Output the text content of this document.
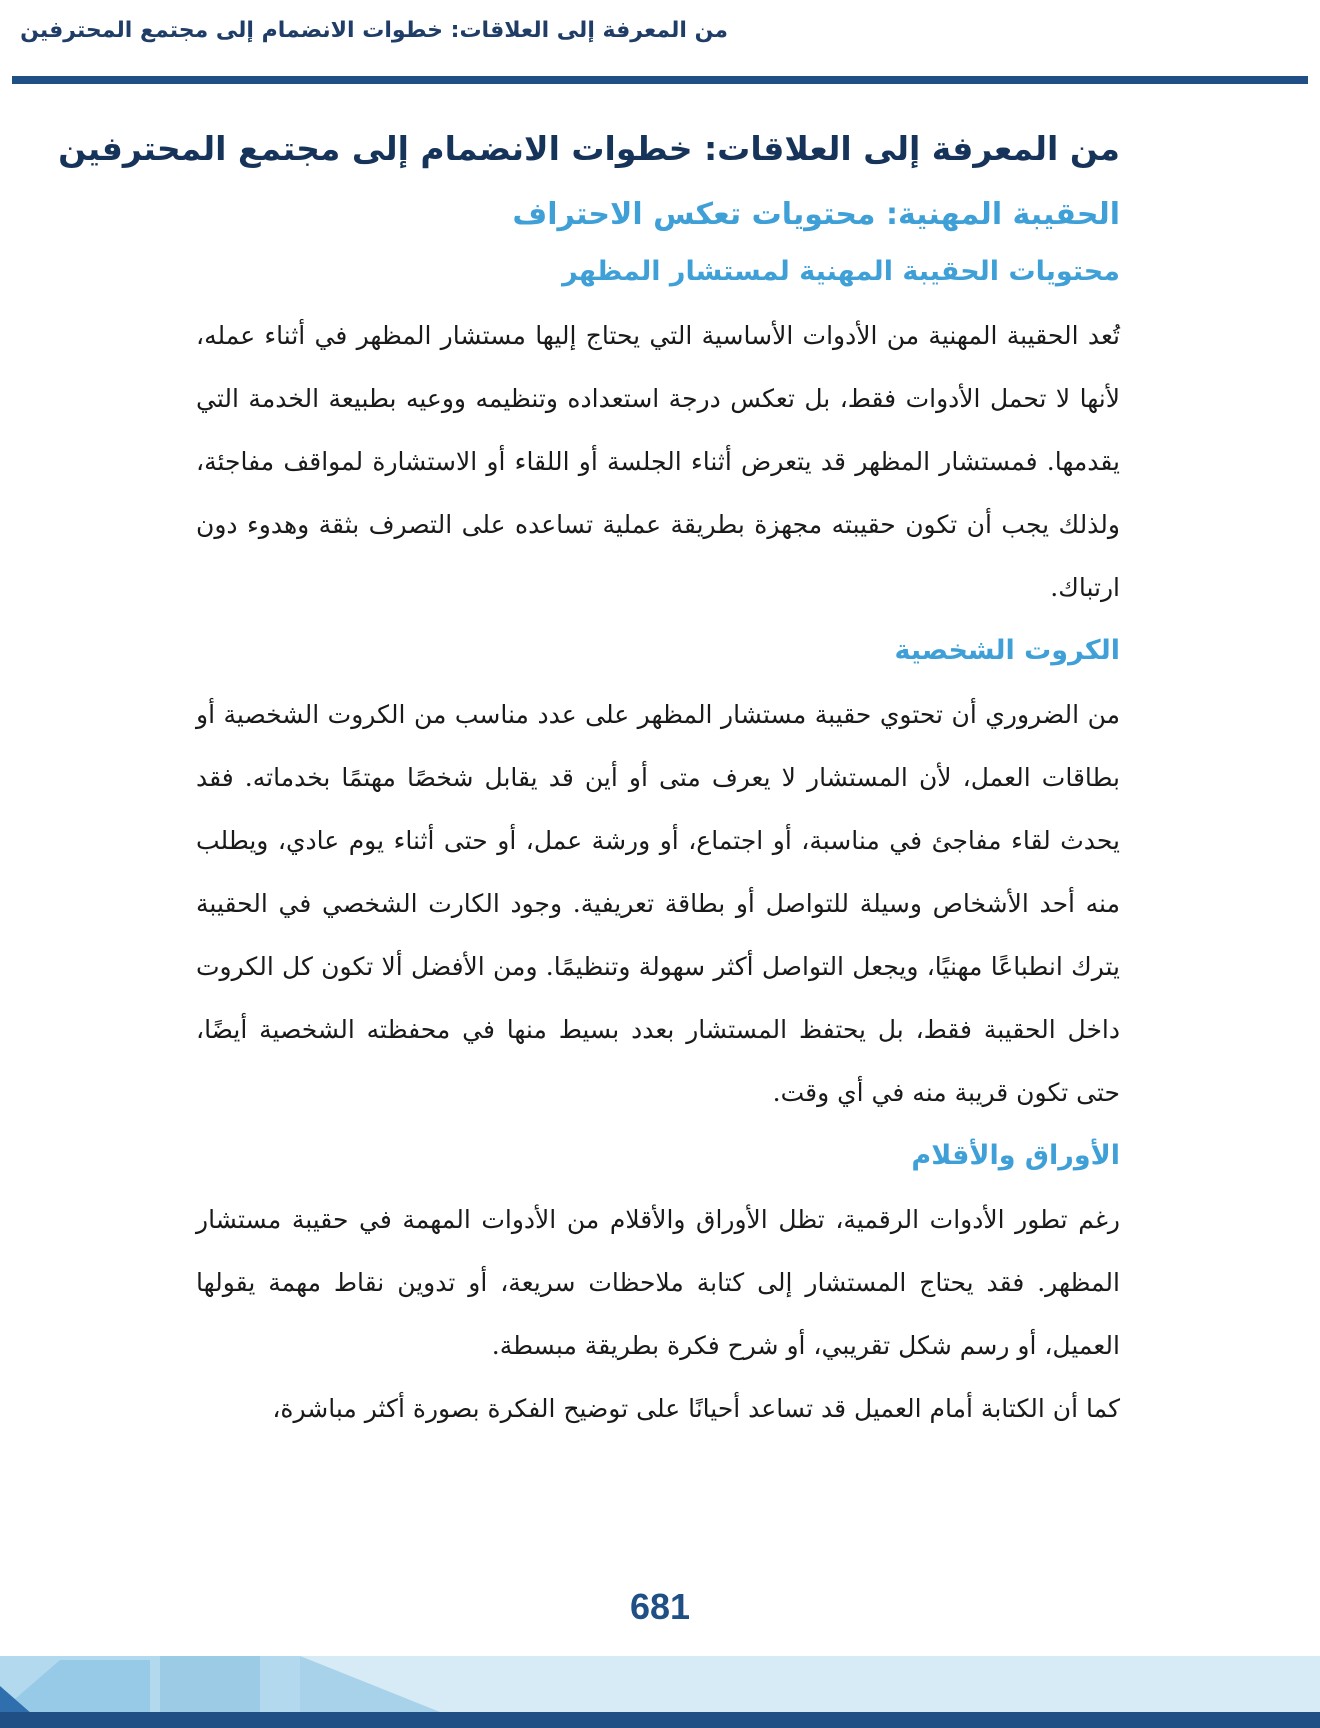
من المعرفة إلى العلاقات: خطوات الانضمام إلى مجتمع المحترفين
من المعرفة إلى العلاقات: خطوات الانضمام إلى مجتمع المحترفين
الحقيبة المهنية: محتويات تعكس الاحتراف
محتويات الحقيبة المهنية لمستشار المظهر

تُعد الحقيبة المهنية من الأدوات الأساسية التي يحتاج إليها مستشار المظهر في أثناء عمله، لأنها لا تحمل الأدوات فقط، بل تعكس درجة استعداده وتنظيمه ووعيه بطبيعة الخدمة التي يقدمها. فمستشار المظهر قد يتعرض أثناء الجلسة أو اللقاء أو الاستشارة لمواقف مفاجئة، ولذلك يجب أن تكون حقيبته مجهزة بطريقة عملية تساعده على التصرف بثقة وهدوء دون ارتباك.

الكروت الشخصية

من الضروري أن تحتوي حقيبة مستشار المظهر على عدد مناسب من الكروت الشخصية أو بطاقات العمل، لأن المستشار لا يعرف متى أو أين قد يقابل شخصًا مهتمًا بخدماته. فقد يحدث لقاء مفاجئ في مناسبة، أو اجتماع، أو ورشة عمل، أو حتى أثناء يوم عادي، ويطلب منه أحد الأشخاص وسيلة للتواصل أو بطاقة تعريفية. وجود الكارت الشخصي في الحقيبة يترك انطباعًا مهنيًا، ويجعل التواصل أكثر سهولة وتنظيمًا. ومن الأفضل ألا تكون كل الكروت داخل الحقيبة فقط، بل يحتفظ المستشار بعدد بسيط منها في محفظته الشخصية أيضًا، حتى تكون قريبة منه في أي وقت.

الأوراق والأقلام

رغم تطور الأدوات الرقمية، تظل الأوراق والأقلام من الأدوات المهمة في حقيبة مستشار المظهر. فقد يحتاج المستشار إلى كتابة ملاحظات سريعة، أو تدوين نقاط مهمة يقولها العميل، أو رسم شكل تقريبي، أو شرح فكرة بطريقة مبسطة.

كما أن الكتابة أمام العميل قد تساعد أحيانًا على توضيح الفكرة بصورة أكثر مباشرة،

681
